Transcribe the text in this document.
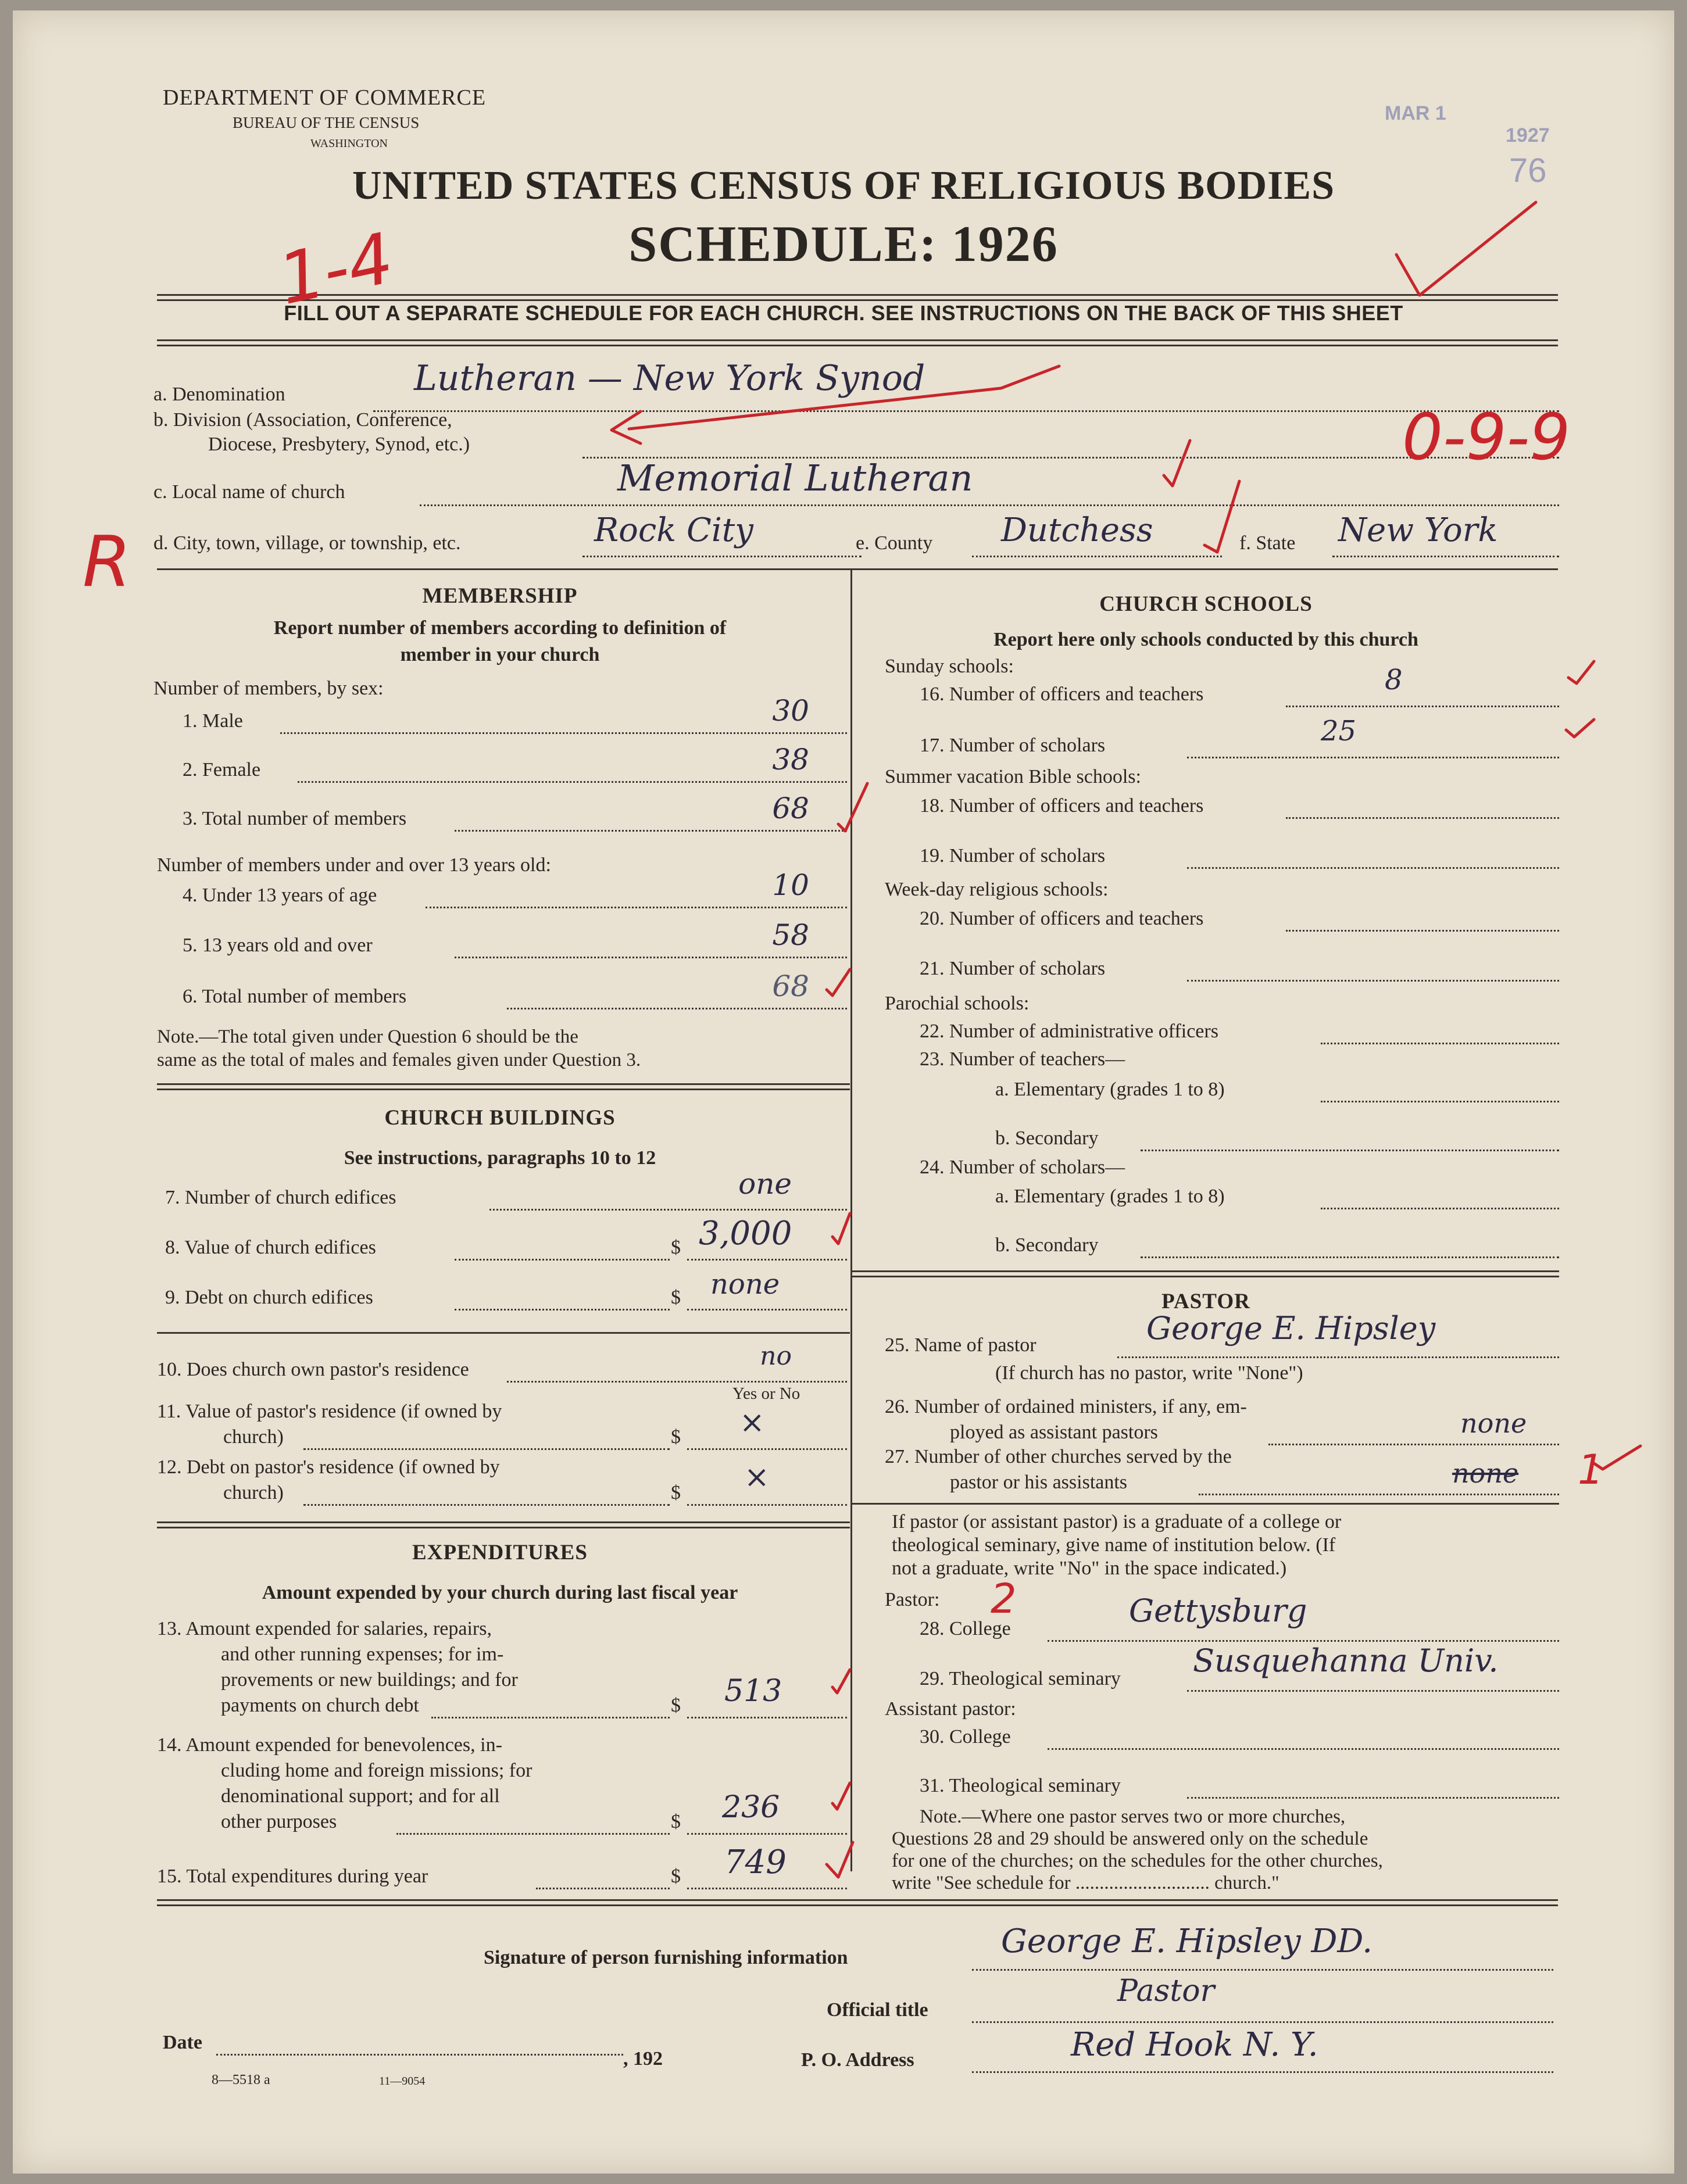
DEPARTMENT OF COMMERCE
BUREAU OF THE CENSUS
WASHINGTON
MAR 1
1927
76
UNITED STATES CENSUS OF RELIGIOUS BODIES
SCHEDULE: 1926
FILL OUT A SEPARATE SCHEDULE FOR EACH CHURCH. SEE INSTRUCTIONS ON THE BACK OF THIS SHEET
a. Denomination	Lutheran — New York Synod
b. Division (Association, Conference,
Diocese, Presbytery, Synod, etc.)
c. Local name of church	Memorial Lutheran
d. City, town, village, or township, etc.	Rock City	e. County Dutchess	f. State New York
MEMBERSHIP
Report number of members according to definition of
member in your church
Number of members, by sex:
1. Male	30
2. Female	38
3. Total number of members	68
Number of members under and over 13 years old:
4. Under 13 years of age	10
5. 13 years old and over	58
6. Total number of members	68
Note.—The total given under Question 6 should be the
same as the total of males and females given under Question 3.
CHURCH BUILDINGS
See instructions, paragraphs 10 to 12
7. Number of church edifices	one
8. Value of church edifices	$ 3,000
9. Debt on church edifices	$ none
10. Does church own pastor's residence	no
Yes or No
11. Value of pastor's residence (if owned by
church)	$ ×
12. Debt on pastor's residence (if owned by
church)	$ ×
EXPENDITURES
Amount expended by your church during last fiscal year
13. Amount expended for salaries, repairs,
and other running expenses; for im-
provements or new buildings; and for
payments on church debt	$ 513
14. Amount expended for benevolences, in-
cluding home and foreign missions; for
denominational support; and for all
other purposes	$ 236
15. Total expenditures during year	$ 749
CHURCH SCHOOLS
Report here only schools conducted by this church
Sunday schools:
16. Number of officers and teachers	8
17. Number of scholars	25
Summer vacation Bible schools:
18. Number of officers and teachers
19. Number of scholars
Week-day religious schools:
20. Number of officers and teachers
21. Number of scholars
Parochial schools:
22. Number of administrative officers
23. Number of teachers—
a. Elementary (grades 1 to 8)
b. Secondary
24. Number of scholars—
a. Elementary (grades 1 to 8)
b. Secondary
PASTOR
25. Name of pastor	George E. Hipsley
(If church has no pastor, write "None")
26. Number of ordained ministers, if any, em-
ployed as assistant pastors	none
27. Number of other churches served by the
pastor or his assistants	none
If pastor (or assistant pastor) is a graduate of a college or
theological seminary, give name of institution below. (If
not a graduate, write "No" in the space indicated.)
Pastor:
28. College	Gettysburg
29. Theological seminary Susquehanna Univ.
Assistant pastor:
30. College
31. Theological seminary
Note.—Where one pastor serves two or more churches,
Questions 28 and 29 should be answered only on the schedule
for one of the churches; on the schedules for the other churches,
write "See schedule for ............................ church."
Signature of person furnishing information	George E. Hipsley DD.
Official title
Pastor
Date
, 192	P. O. Address	Red Hook N. Y.
8—5518 a	11—9054
1-4
0-9-9
R
2
1
